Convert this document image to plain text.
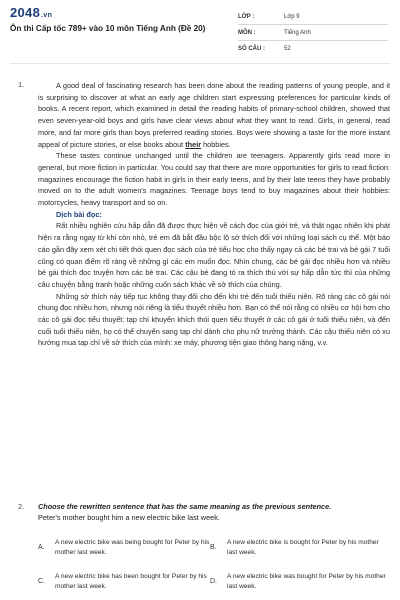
2048.vn
Ôn thi Cấp tốc 789+ vào 10 môn Tiếng Anh (Đề 20)
LỚP :	Lớp 9
MÔN :	Tiếng Anh
SỐ CÂU :	52
1.	A good deal of fascinating research has been done about the reading patterns of young people, and it is surprising to discover at what an early age children start expressing preferences for particular kinds of books. A recent report, which examined in detail the reading habits of primary-school children, showed that even seven-year-old boys and girls have clear views about what they want to read. Girls, in general, read more, and far more girls than boys preferred reading stories. Boys were showing a taste for the more instant appeal of picture stories, or else books about their hobbies.

These tastes continue unchanged until the children are teenagers. Apparently girls read more in general, but more fiction in particular. You could say that there are more opportunities for girls to read fiction: magazines encourage the fiction habit in girls in their early teens, and by their late teens they have probably moved on to the adult women's magazines. Teenage boys tend to buy magazines about their hobbies: motorcycles, heavy transport and so on.

Dịch bài đọc:

Rất nhiều nghiên cứu hấp dẫn đã được thực hiện về cách đọc của giới trẻ, và thật ngạc nhiên khi phát hiện ra rằng ngay từ khi còn nhỏ, trẻ em đã bắt đầu bộc lộ sở thích đối với những loại sách cụ thể. Một báo cáo gần đây xem xét chi tiết thói quen đọc sách của trẻ tiểu học cho thấy ngay cả các bé trai và bé gái 7 tuổi cũng có quan điểm rõ ràng về những gì các em muốn đọc. Nhìn chung, các bé gái đọc nhiều hơn và nhiều bé gái thích đọc truyện hơn các bé trai. Các cậu bé đang tỏ ra thích thú với sự hấp dẫn tức thì của những câu chuyện bằng tranh hoặc những cuốn sách khác về sở thích của chúng.

Những sở thích này tiếp tục không thay đổi cho đến khi trẻ đến tuổi thiếu niên. Rõ ràng các cô gái nói chung đọc nhiều hơn, nhưng nói riêng là tiểu thuyết nhiều hơn. Bạn có thể nói rằng có nhiều cơ hội hơn cho các cô gái đọc tiểu thuyết: tạp chí khuyến khích thói quen tiểu thuyết ở các cô gái ở tuổi thiếu niên, và đến cuối tuổi thiếu niên, họ có thể chuyển sang tạp chí dành cho phụ nữ trưởng thành. Các cậu thiếu niên có xu hướng mua tạp chí về sở thích của mình: xe máy, phương tiện giao thông hạng nặng, v.v.

2. Choose the rewritten sentence that has the same meaning as the previous sentence.
Peter's mother bought him a new electric bike last week.
A.
A new electric bike was being bought for Peter by his mother last week.
B.
A new electric bike is bought for Peter by his mother last week.
C.
A new electric bike has been bought for Peter by his mother last week.
D.
A new electric bike was bought for Peter by his mother last week.
